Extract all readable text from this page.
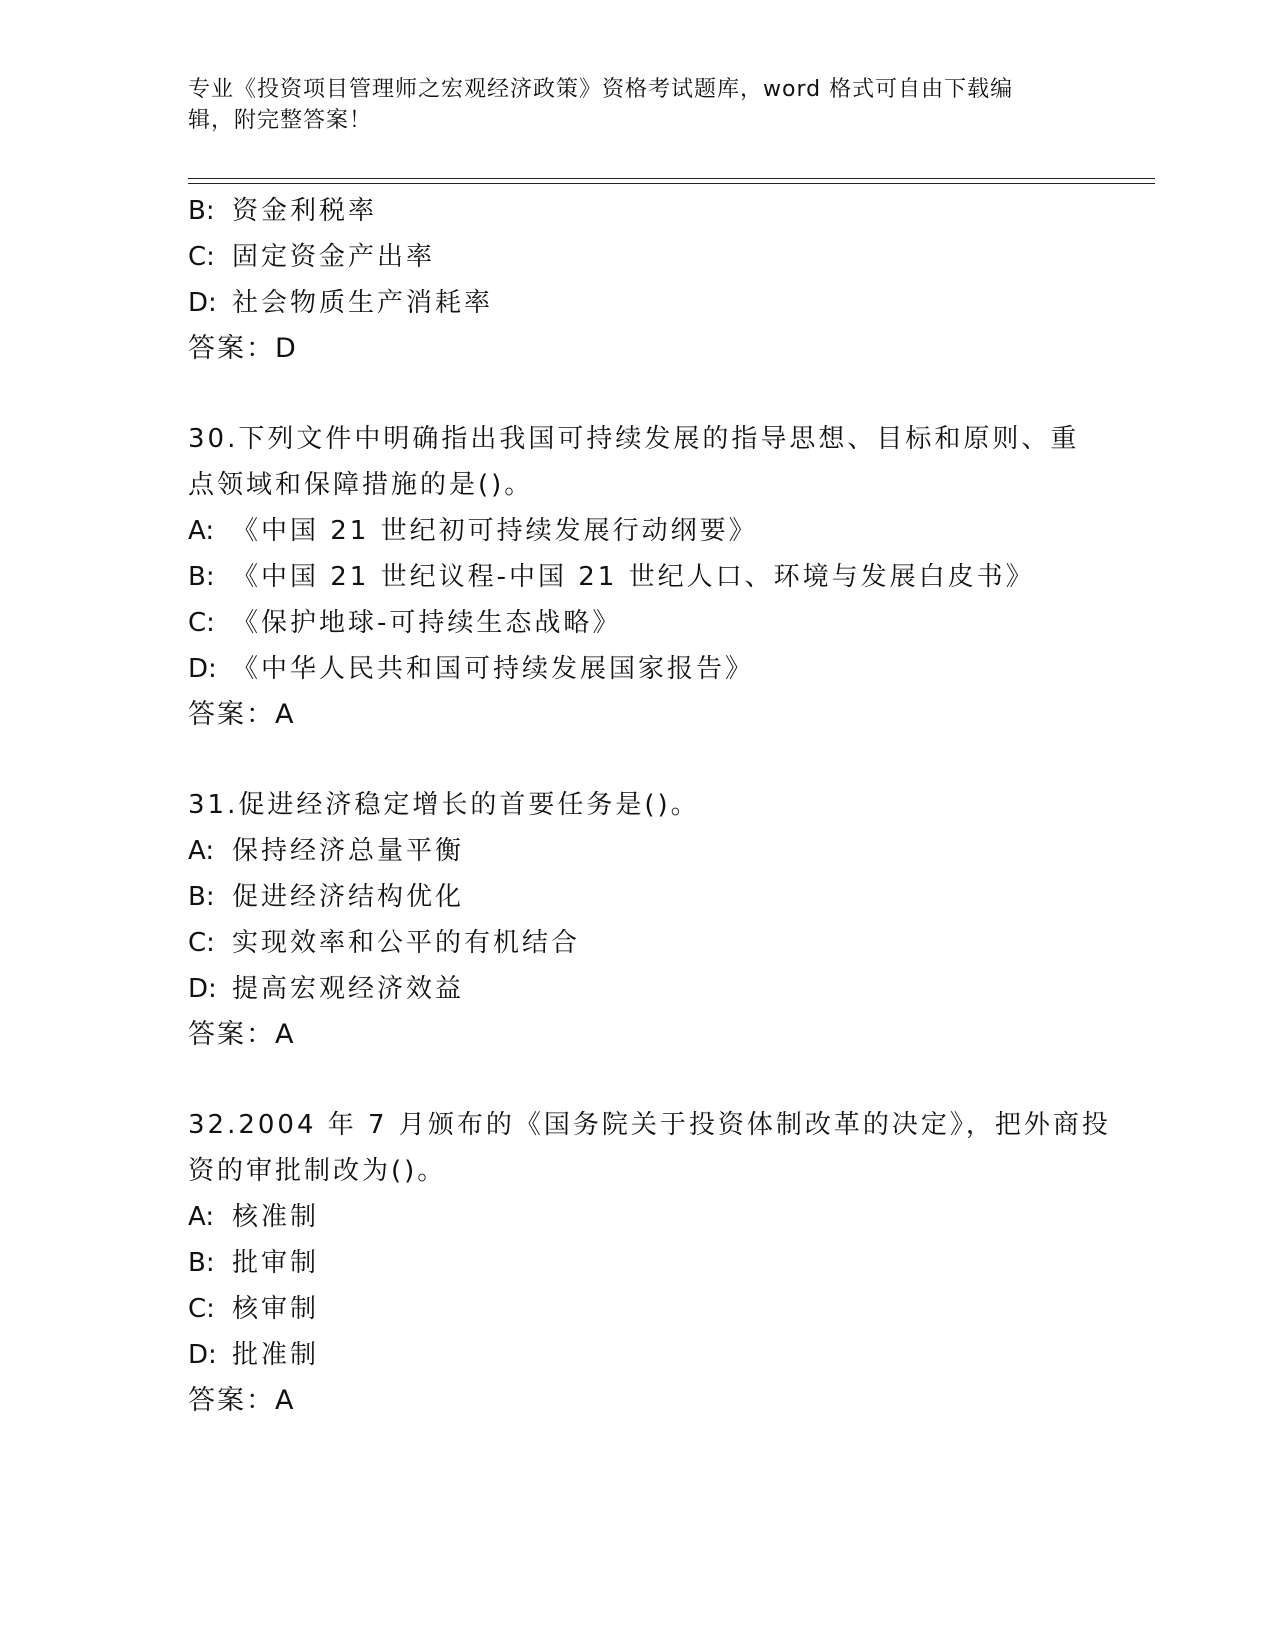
专业《投资项目管理师之宏观经济政策》资格考试题库，word 格式可自由下载编
辑，附完整答案！
B: 资金利税率
C: 固定资金产出率
D: 社会物质生产消耗率
答案：D
30.下列文件中明确指出我国可持续发展的指导思想、目标和原则、重
点领域和保障措施的是()。
A: 《中国 21 世纪初可持续发展行动纲要》
B: 《中国 21 世纪议程-中国 21 世纪人口、环境与发展白皮书》
C: 《保护地球-可持续生态战略》
D: 《中华人民共和国可持续发展国家报告》
答案：A
31.促进经济稳定增长的首要任务是()。
A: 保持经济总量平衡
B: 促进经济结构优化
C: 实现效率和公平的有机结合
D: 提高宏观经济效益
答案：A
32.2004 年 7 月颁布的《国务院关于投资体制改革的决定》，把外商投
资的审批制改为()。
A: 核准制
B: 批审制
C: 核审制
D: 批准制
答案：A
